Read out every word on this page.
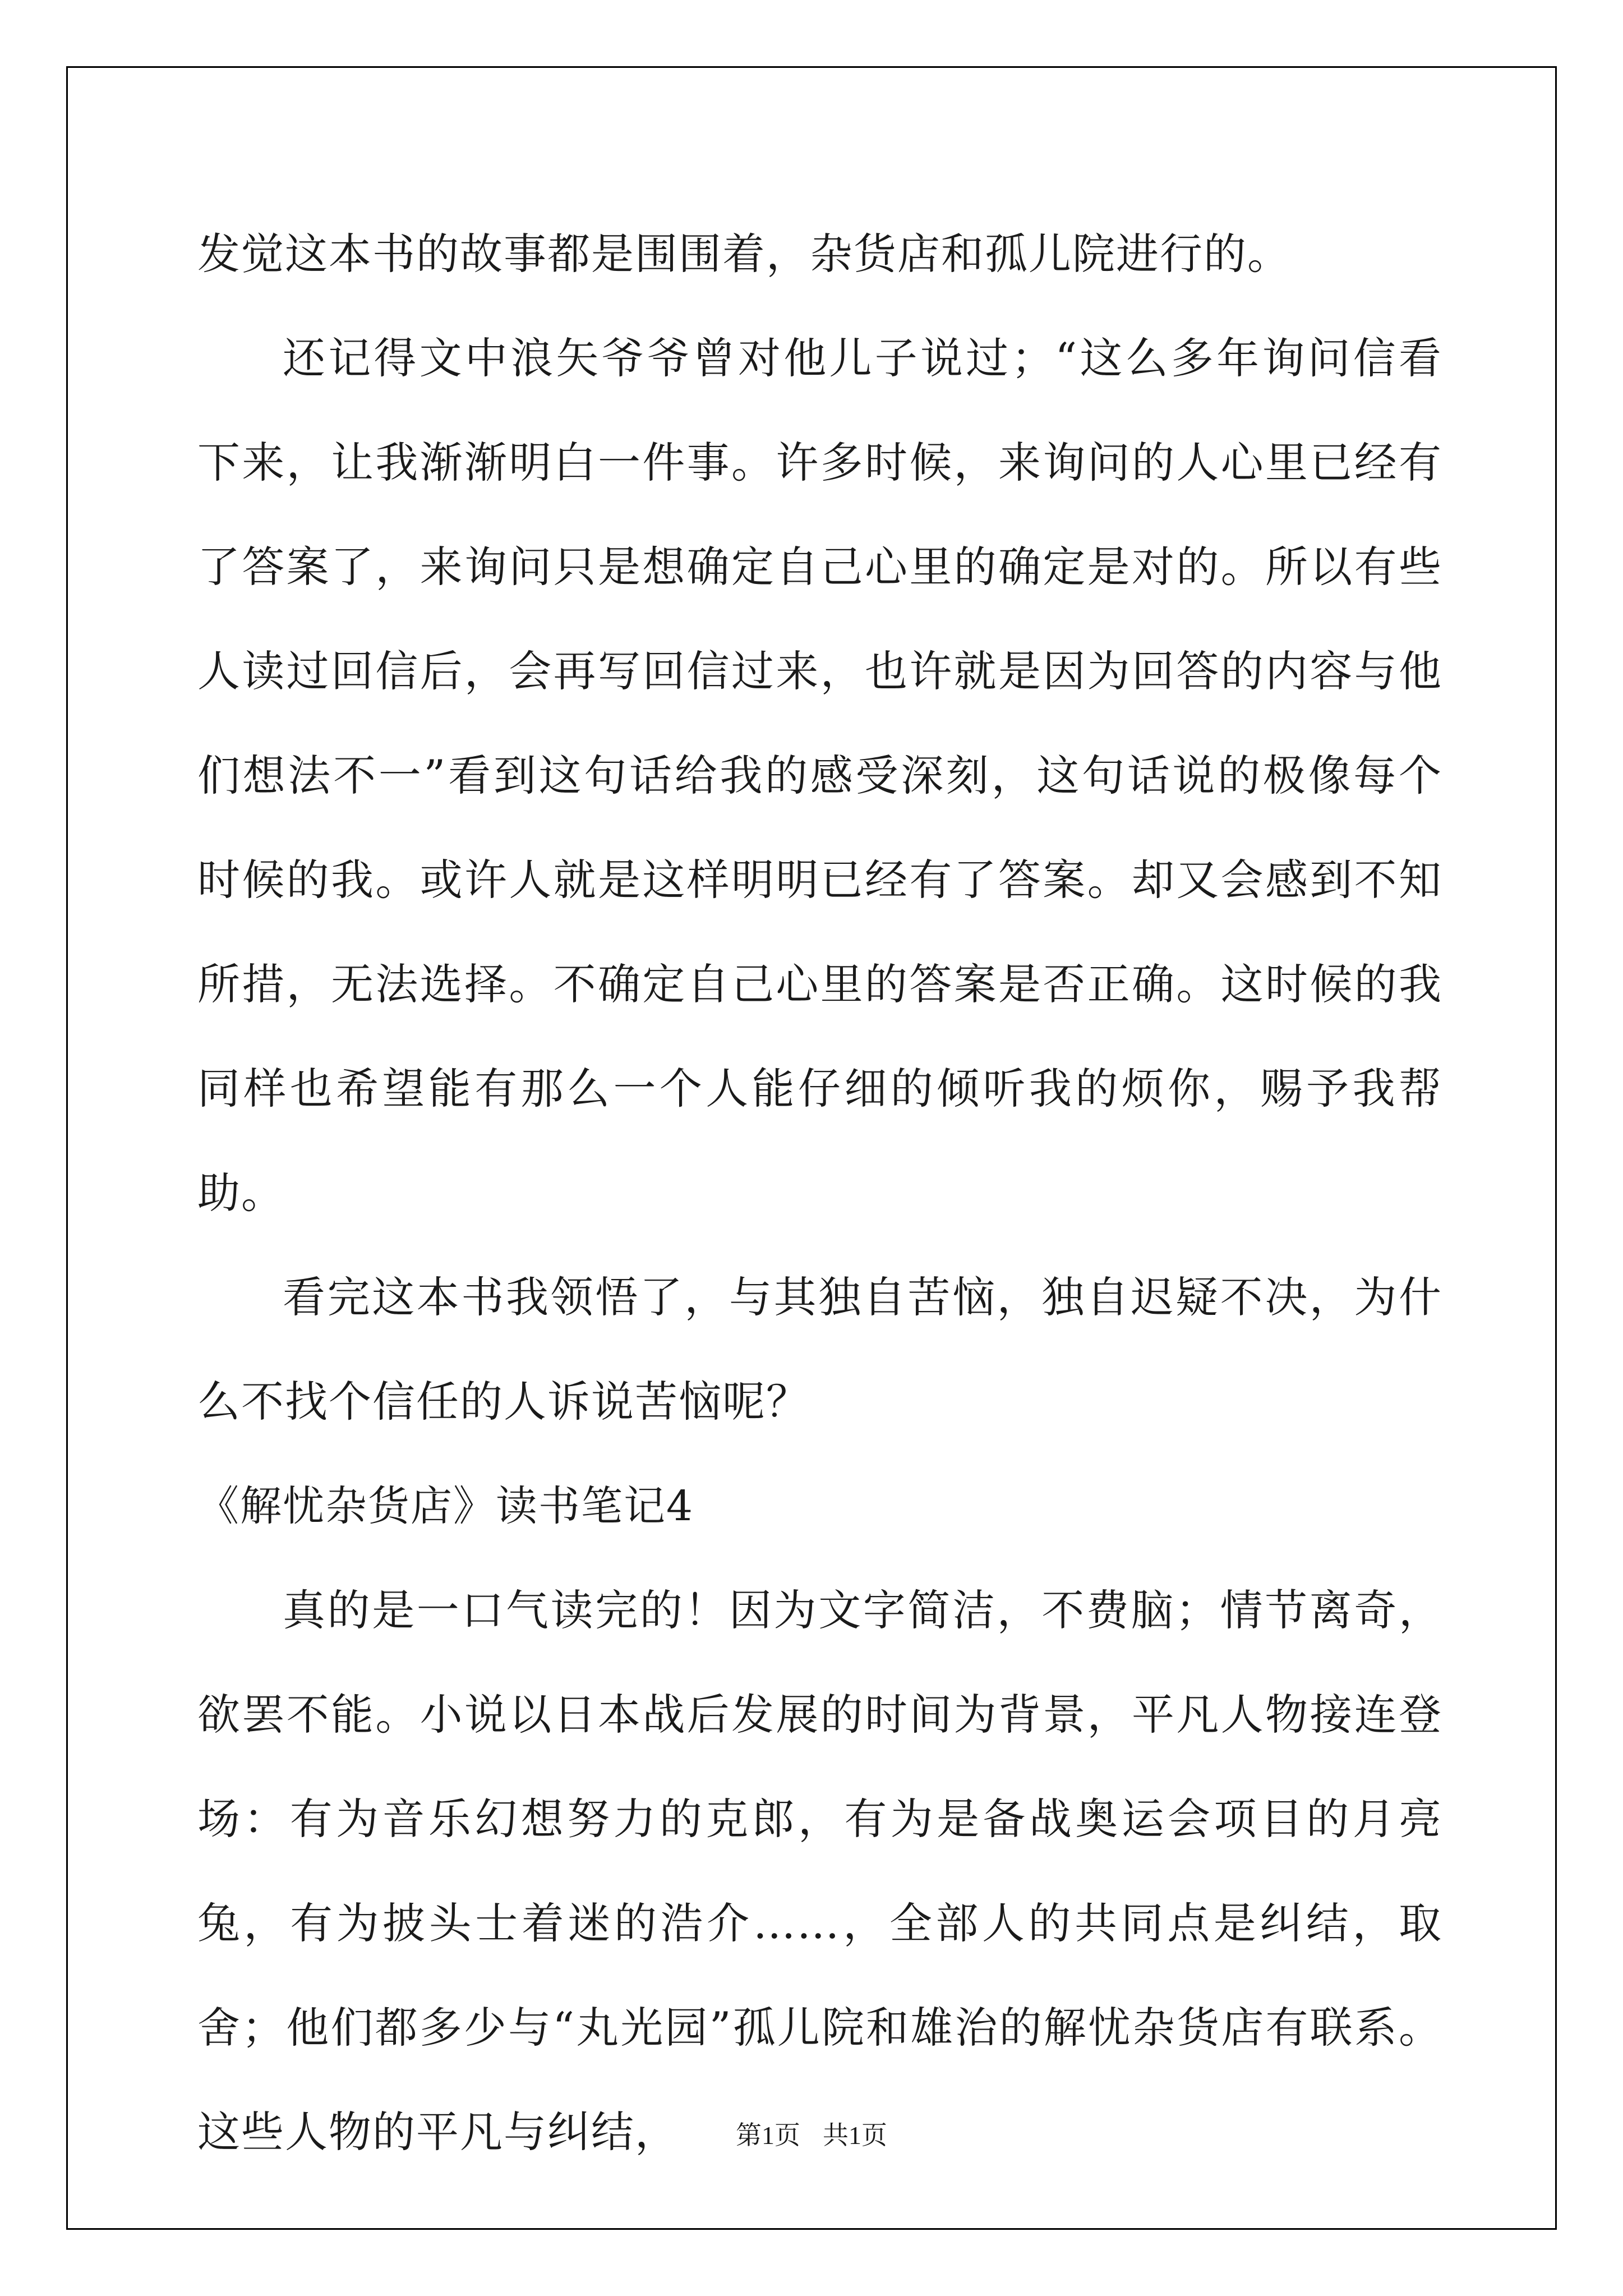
发觉这本书的故事都是围围着，杂货店和孤儿院进行的。

还记得文中浪矢爷爷曾对他儿子说过；“这么多年询问信看下来，让我渐渐明白一件事。许多时候，来询问的人心里已经有了答案了，来询问只是想确定自己心里的确定是对的。所以有些人读过回信后，会再写回信过来，也许就是因为回答的内容与他们想法不一”看到这句话给我的感受深刻，这句话说的极像每个时候的我。或许人就是这样明明已经有了答案。却又会感到不知所措，无法选择。不确定自己心里的答案是否正确。这时候的我同样也希望能有那么一个人能仔细的倾听我的烦你，赐予我帮助。

看完这本书我领悟了，与其独自苦恼，独自迟疑不决，为什么不找个信任的人诉说苦恼呢？

《解忧杂货店》读书笔记4

真的是一口气读完的！因为文字简洁，不费脑；情节离奇，欲罢不能。小说以日本战后发展的时间为背景，平凡人物接连登场：有为音乐幻想努力的克郎，有为是备战奥运会项目的月亮兔，有为披头士着迷的浩介……，全部人的共同点是纠结，取舍；他们都多少与“丸光园”孤儿院和雄治的解忧杂货店有联系。这些人物的平凡与纠结，	第1页 共1页
